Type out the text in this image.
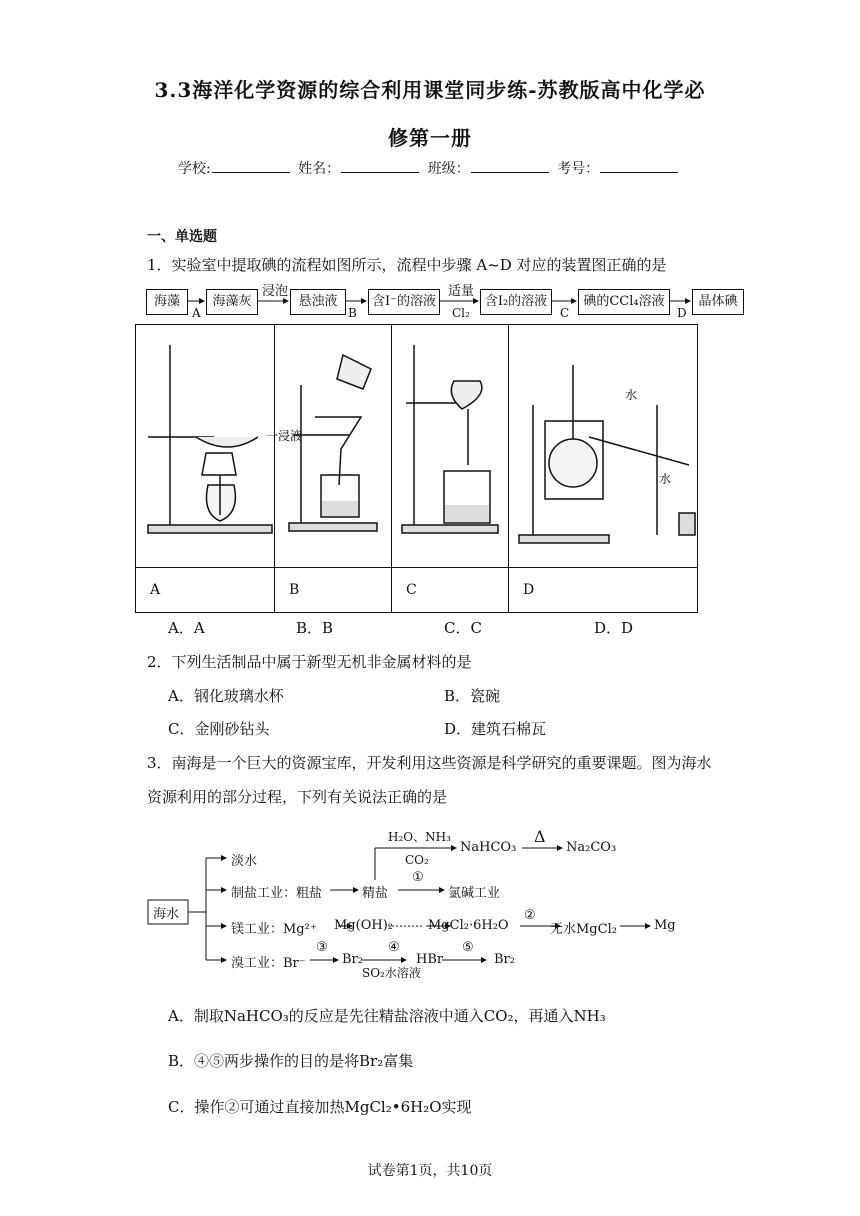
3.3海洋化学资源的综合利用课堂同步练-苏教版高中化学必
修第一册
学校:	姓名：	班级：	考号：
一、单选题
1．实验室中提取碘的流程如图所示，流程中步骤 A~D 对应的装置图正确的是
海藻	海藻灰	悬浊液	含I⁻的溶液	含I₂的溶液	碘的CCl₄溶液	晶体碘
A
浸泡
B
适量
Cl₂	C	D
一浸液			水
水

A	B	C	D
A．A	B．B	C．C	D．D
2．下列生活制品中属于新型无机非金属材料的是
A．钢化玻璃水杯	B．瓷碗
C．金刚砂钻头	D．建筑石棉瓦
3．南海是一个巨大的资源宝库，开发利用这些资源是科学研究的重要课题。图为海水
资源利用的部分过程，下列有关说法正确的是
海水
淡水
制盐工业：粗盐	精盐
①
氯碱工业
H₂O、NH₃
CO₂
NaHCO₃
Δ
Na₂CO₃
镁工业：Mg²⁺ Mg(OH)₂	MgCl₂·6H₂O
②
无水MgCl₂	Mg
溴工业：Br⁻
③
Br₂
④
SO₂水溶液
HBr
⑤
Br₂
A．制取NaHCO₃的反应是先往精盐溶液中通入CO₂，再通入NH₃
B．④⑤两步操作的目的是将Br₂富集
C．操作②可通过直接加热MgCl₂•6H₂O实现
试卷第1页，共10页
